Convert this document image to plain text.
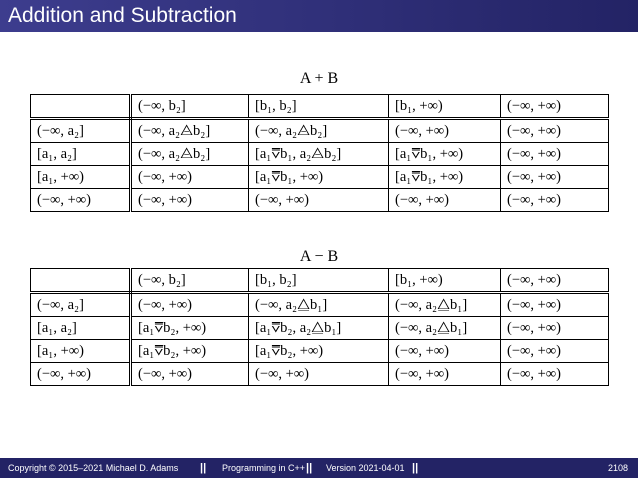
Addition and Subtraction
A + B
	(−∞, b₂]	[b₁, b₂]	[b₁, +∞)	(−∞, +∞)
(−∞, a₂]	(−∞, a₂⨺b₂]	(−∞, a₂⨺b₂]	(−∞, +∞)	(−∞, +∞)
[a₁, a₂]	(−∞, a₂⨺b₂]	[a₁⩢b₁, a₂⨺b₂]	[a₁⩢b₁, +∞)	(−∞, +∞)
[a₁, +∞)	(−∞, +∞)	[a₁⩢b₁, +∞)	[a₁⩢b₁, +∞)	(−∞, +∞)
(−∞, +∞)	(−∞, +∞)	(−∞, +∞)	(−∞, +∞)	(−∞, +∞)
A − B
	(−∞, b₂]	[b₁, b₂]	[b₁, +∞)	(−∞, +∞)
(−∞, a₂]	(−∞, +∞)	(−∞, a₂⧋b₁]	(−∞, a₂⧋b₁]	(−∞, +∞)
[a₁, a₂]	[a₁⩢b₂, +∞)	[a₁⩢b₂, a₂⧋b₁]	(−∞, a₂⧋b₁]	(−∞, +∞)
[a₁, +∞)	[a₁⩢b₂, +∞)	[a₁⩢b₂, +∞)	(−∞, +∞)	(−∞, +∞)
(−∞, +∞)	(−∞, +∞)	(−∞, +∞)	(−∞, +∞)	(−∞, +∞)
Copyright © 2015–2021 Michael D. Adams || Programming in C++ || Version 2021-04-01 ||	2108
